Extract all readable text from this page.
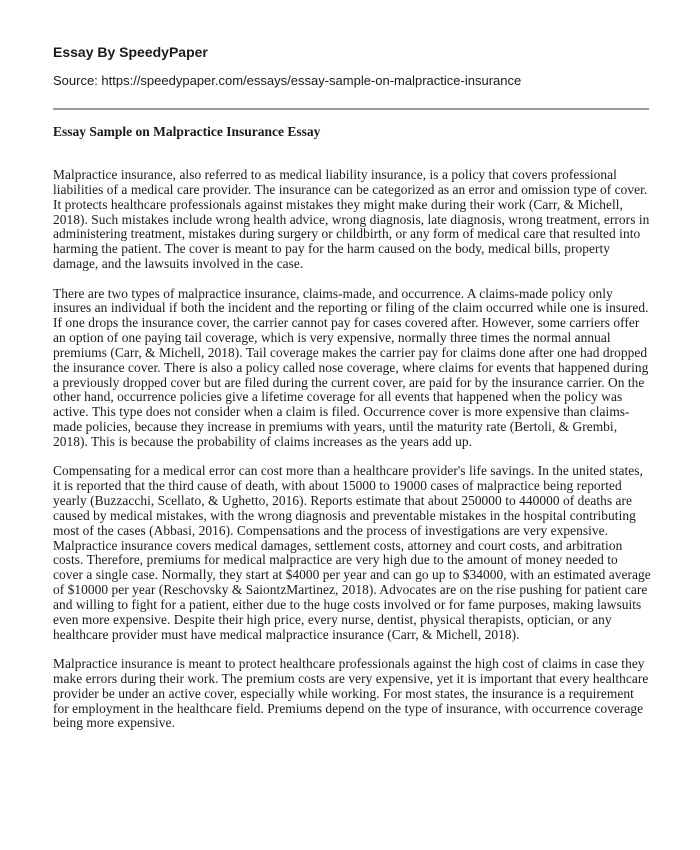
Essay By SpeedyPaper

Source: https://speedypaper.com/essays/essay-sample-on-malpractice-insurance

Essay Sample on Malpractice Insurance Essay

Malpractice insurance, also referred to as medical liability insurance, is a policy that covers professional liabilities of a medical care provider. The insurance can be categorized as an error and omission type of cover. It protects healthcare professionals against mistakes they might make during their work (Carr, & Michell, 2018). Such mistakes include wrong health advice, wrong diagnosis, late diagnosis, wrong treatment, errors in administering treatment, mistakes during surgery or childbirth, or any form of medical care that resulted into harming the patient. The cover is meant to pay for the harm caused on the body, medical bills, property damage, and the lawsuits involved in the case.

There are two types of malpractice insurance, claims-made, and occurrence. A claims-made policy only insures an individual if both the incident and the reporting or filing of the claim occurred while one is insured. If one drops the insurance cover, the carrier cannot pay for cases covered after. However, some carriers offer an option of one paying tail coverage, which is very expensive, normally three times the normal annual premiums (Carr, & Michell, 2018). Tail coverage makes the carrier pay for claims done after one had dropped the insurance cover. There is also a policy called nose coverage, where claims for events that happened during a previously dropped cover but are filed during the current cover, are paid for by the insurance carrier. On the other hand, occurrence policies give a lifetime coverage for all events that happened when the policy was active. This type does not consider when a claim is filed. Occurrence cover is more expensive than claims-made policies, because they increase in premiums with years, until the maturity rate (Bertoli, & Grembi, 2018). This is because the probability of claims increases as the years add up.

Compensating for a medical error can cost more than a healthcare provider's life savings. In the united states, it is reported that the third cause of death, with about 15000 to 19000 cases of malpractice being reported yearly (Buzzacchi, Scellato, & Ughetto, 2016). Reports estimate that about 250000 to 440000 of deaths are caused by medical mistakes, with the wrong diagnosis and preventable mistakes in the hospital contributing most of the cases (Abbasi, 2016). Compensations and the process of investigations are very expensive. Malpractice insurance covers medical damages, settlement costs, attorney and court costs, and arbitration costs. Therefore, premiums for medical malpractice are very high due to the amount of money needed to cover a single case. Normally, they start at $4000 per year and can go up to $34000, with an estimated average of $10000 per year (Reschovsky & SaiontzMartinez, 2018). Advocates are on the rise pushing for patient care and willing to fight for a patient, either due to the huge costs involved or for fame purposes, making lawsuits even more expensive. Despite their high price, every nurse, dentist, physical therapists, optician, or any healthcare provider must have medical malpractice insurance (Carr, & Michell, 2018).

Malpractice insurance is meant to protect healthcare professionals against the high cost of claims in case they make errors during their work. The premium costs are very expensive, yet it is important that every healthcare provider be under an active cover, especially while working. For most states, the insurance is a requirement for employment in the healthcare field. Premiums depend on the type of insurance, with occurrence coverage being more expensive.
